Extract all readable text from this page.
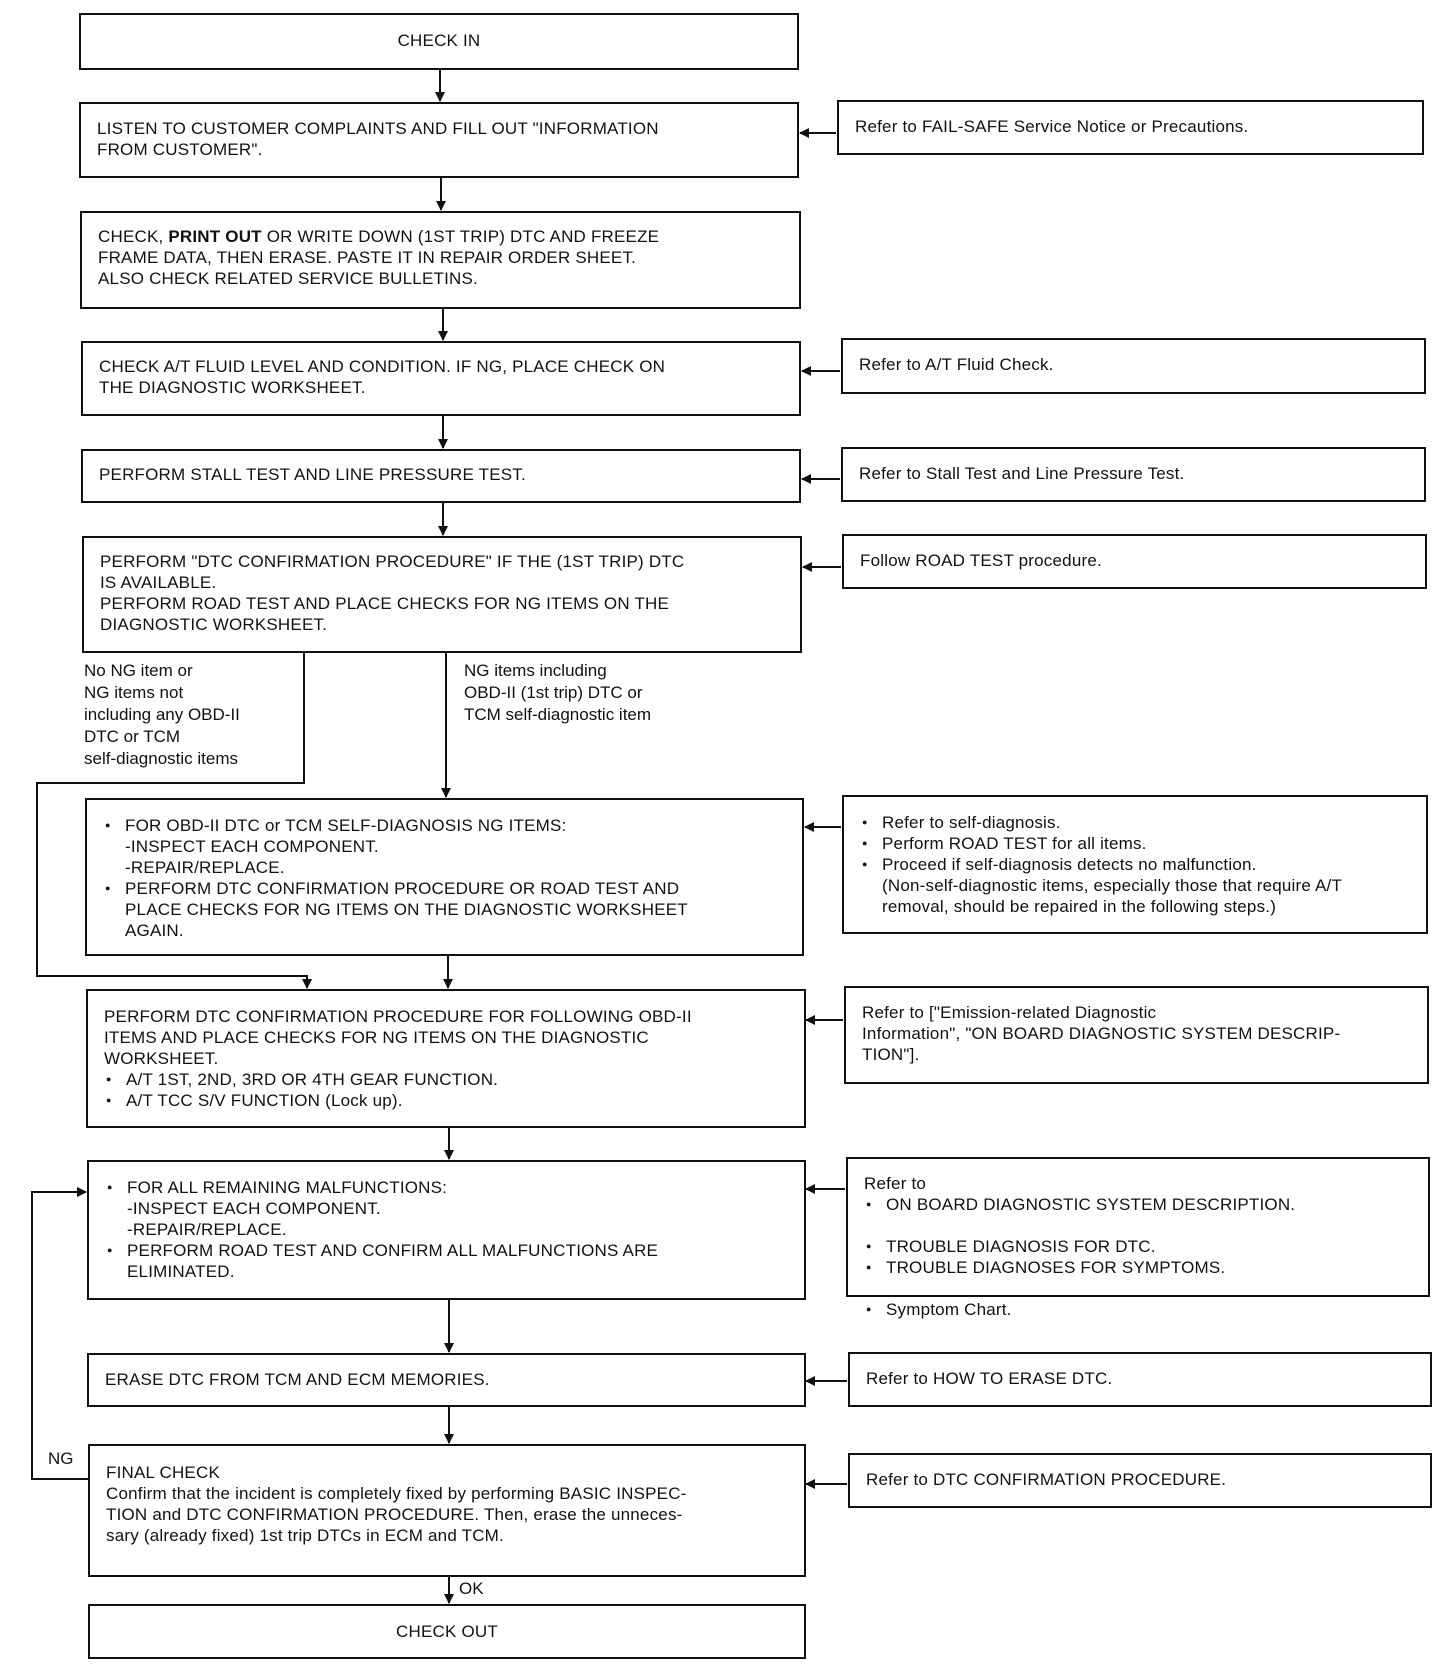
CHECK IN
LISTEN TO CUSTOMER COMPLAINTS AND FILL OUT "INFORMATION
FROM CUSTOMER".
CHECK, PRINT OUT OR WRITE DOWN (1ST TRIP) DTC AND FREEZE
FRAME DATA, THEN ERASE. PASTE IT IN REPAIR ORDER SHEET.
ALSO CHECK RELATED SERVICE BULLETINS.
CHECK A/T FLUID LEVEL AND CONDITION. IF NG, PLACE CHECK ON
THE DIAGNOSTIC WORKSHEET.
PERFORM STALL TEST AND LINE PRESSURE TEST.
PERFORM "DTC CONFIRMATION PROCEDURE" IF THE (1ST TRIP) DTC
IS AVAILABLE.
PERFORM ROAD TEST AND PLACE CHECKS FOR NG ITEMS ON THE
DIAGNOSTIC WORKSHEET.
No NG item or
NG items not
including any OBD-II
DTC or TCM
self-diagnostic items
NG items including
OBD-II (1st trip) DTC or
TCM self-diagnostic item
● FOR OBD-II DTC or TCM SELF-DIAGNOSIS NG ITEMS:
-INSPECT EACH COMPONENT.
-REPAIR/REPLACE.
● PERFORM DTC CONFIRMATION PROCEDURE OR ROAD TEST AND
PLACE CHECKS FOR NG ITEMS ON THE DIAGNOSTIC WORKSHEET
AGAIN.
PERFORM DTC CONFIRMATION PROCEDURE FOR FOLLOWING OBD-II
ITEMS AND PLACE CHECKS FOR NG ITEMS ON THE DIAGNOSTIC
WORKSHEET.
● A/T 1ST, 2ND, 3RD OR 4TH GEAR FUNCTION.
● A/T TCC S/V FUNCTION (Lock up).
● FOR ALL REMAINING MALFUNCTIONS:
-INSPECT EACH COMPONENT.
-REPAIR/REPLACE.
● PERFORM ROAD TEST AND CONFIRM ALL MALFUNCTIONS ARE
ELIMINATED.
ERASE DTC FROM TCM AND ECM MEMORIES.
FINAL CHECK
Confirm that the incident is completely fixed by performing BASIC INSPEC-
TION and DTC CONFIRMATION PROCEDURE. Then, erase the unneces-
sary (already fixed) 1st trip DTCs in ECM and TCM.
NG
OK
CHECK OUT
Refer to FAIL-SAFE Service Notice or Precautions.
Refer to A/T Fluid Check.
Refer to Stall Test and Line Pressure Test.
Follow ROAD TEST procedure.
● Refer to self-diagnosis.
● Perform ROAD TEST for all items.
● Proceed if self-diagnosis detects no malfunction.
(Non-self-diagnostic items, especially those that require A/T
removal, should be repaired in the following steps.)
Refer to ["Emission-related Diagnostic
Information", "ON BOARD DIAGNOSTIC SYSTEM DESCRIP-
TION"].
Refer to
● ON BOARD DIAGNOSTIC SYSTEM DESCRIPTION.
● TROUBLE DIAGNOSIS FOR DTC.
● TROUBLE DIAGNOSES FOR SYMPTOMS.
● Symptom Chart.
Refer to HOW TO ERASE DTC.
Refer to DTC CONFIRMATION PROCEDURE.
